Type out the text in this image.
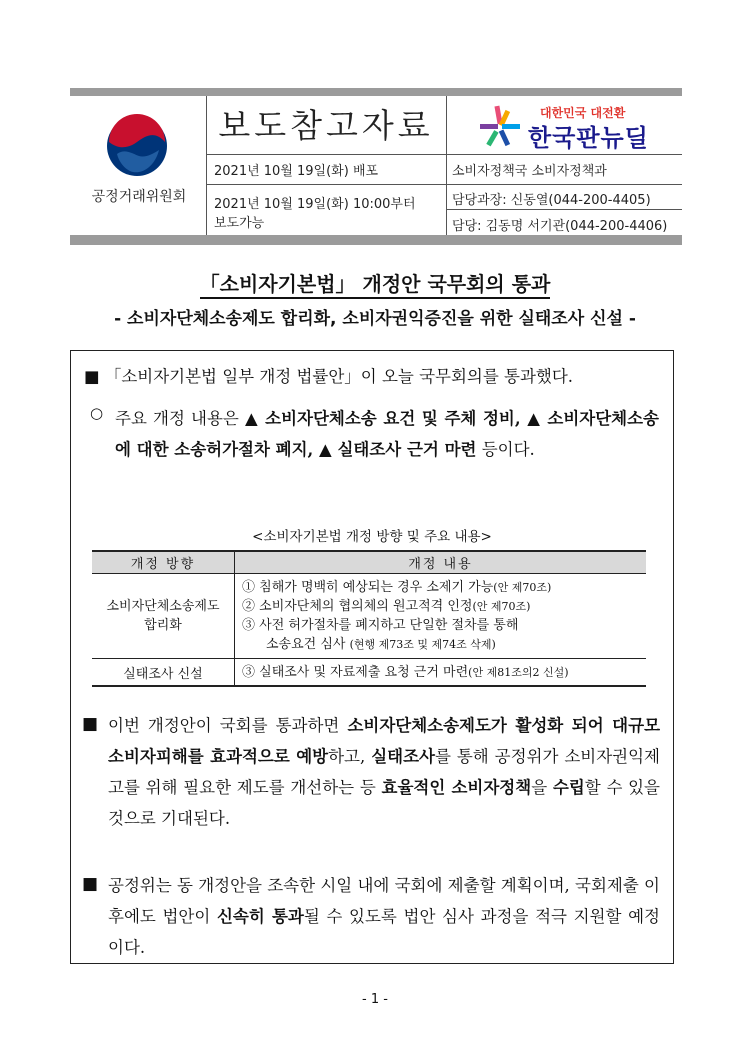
공정거래위원회
보도참고자료	대한민국 대전환
한국판뉴딜
2021년 10월 19일(화) 배포
2021년 10월 19일(화) 10:00부터
보도가능
소비자정책국 소비자정책과
담당과장: 신동열(044-200-4405)
담당: 김동명 서기관(044-200-4406)
「소비자기본법」 개정안 국무회의 통과
- 소비자단체소송제도 합리화, 소비자권익증진을 위한 실태조사 신설 -
■ 「소비자기본법 일부 개정 법률안」이 오늘 국무회의를 통과했다.
○ 주요 개정 내용은 ▲ 소비자단체소송 요건 및 주체 정비, ▲ 소비자단체소송에 대한 소송허가절차 폐지, ▲ 실태조사 근거 마련 등이다.
<소비자기본법 개정 방향 및 주요 내용>
개정 방향	개정 내용
소비자단체소송제도
합리화	① 침해가 명백히 예상되는 경우 소제기 가능(안 제70조)
② 소비자단체의 협의체의 원고적격 인정(안 제70조)
③ 사전 허가절차를 폐지하고 단일한 절차를 통해
소송요건 심사 (현행 제73조 및 제74조 삭제)

실태조사 신설	③ 실태조사 및 자료제출 요청 근거 마련(안 제81조의2 신설)
■ 이번 개정안이 국회를 통과하면 소비자단체소송제도가 활성화 되어 대규모 소비자피해를 효과적으로 예방하고, 실태조사를 통해 공정위가 소비자권익제고를 위해 필요한 제도를 개선하는 등 효율적인 소비자정책을 수립할 수 있을 것으로 기대된다.
■ 공정위는 동 개정안을 조속한 시일 내에 국회에 제출할 계획이며, 국회제출 이후에도 법안이 신속히 통과될 수 있도록 법안 심사 과정을 적극 지원할 예정이다.
- 1 -
